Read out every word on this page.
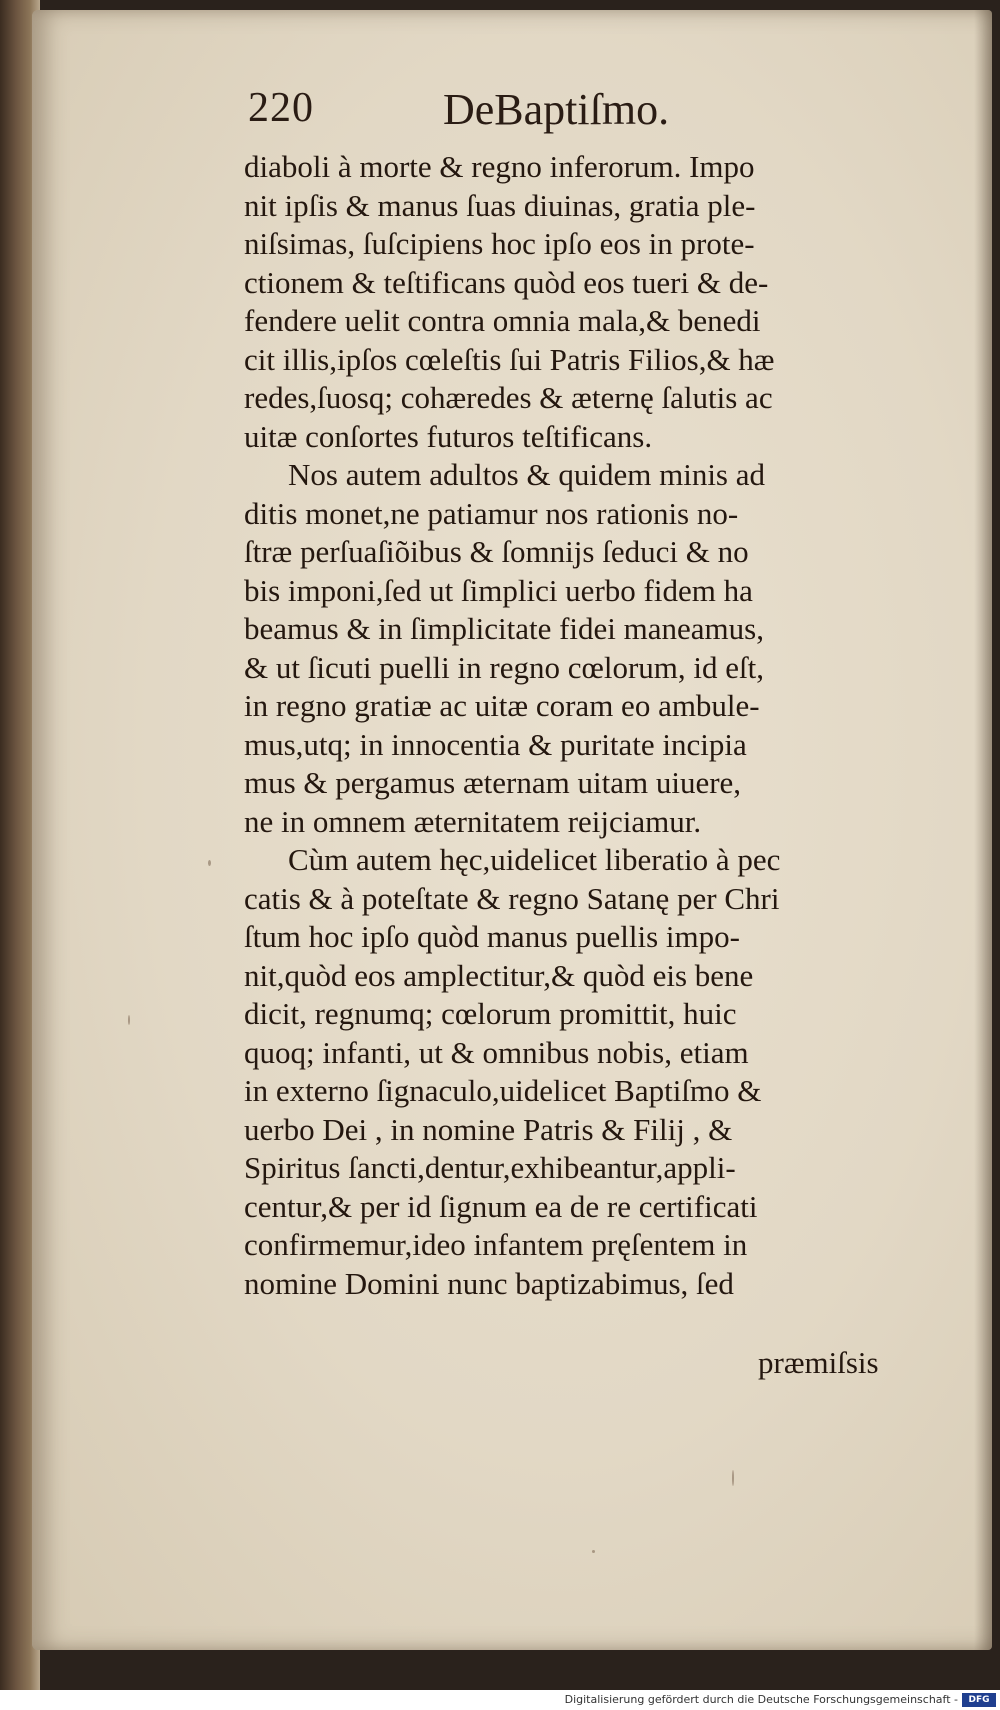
220	DeBaptiſmo.
diaboli à morte & regno inferorum. Impo
nit ipſis & manus ſuas diuinas, gratia ple-
niſsimas, ſuſcipiens hoc ipſo eos in prote-
ctionem & teſtificans quòd eos tueri & de-
fendere uelit contra omnia mala,& benedi
cit illis,ipſos cœleſtis ſui Patris Filios,& hæ
redes,ſuosq; cohæredes & æternę ſalutis ac
uitæ conſortes futuros teſtificans.
Nos autem adultos & quidem minis ad
ditis monet,ne patiamur nos rationis no-
ſtræ perſuaſiõibus & ſomnijs ſeduci & no
bis imponi,ſed ut ſimplici uerbo fidem ha
beamus & in ſimplicitate fidei maneamus,
& ut ſicuti puelli in regno cœlorum, id eſt,
in regno gratiæ ac uitæ coram eo ambule-
mus,utq; in innocentia & puritate incipia
mus & pergamus æternam uitam uiuere,
ne in omnem æternitatem reijciamur.
Cùm autem hęc,uidelicet liberatio à pec
catis & à poteſtate & regno Satanę per Chri
ſtum hoc ipſo quòd manus puellis impo-
nit,quòd eos amplectitur,& quòd eis bene
dicit, regnumq; cœlorum promittit, huic
quoq; infanti, ut & omnibus nobis, etiam
in externo ſignaculo,uidelicet Baptiſmo &
uerbo Dei , in nomine Patris & Filij , &
Spiritus ſancti,dentur,exhibeantur,appli-
centur,& per id ſignum ea de re certificati
confirmemur,ideo infantem pręſentem in
nomine Domini nunc baptizabimus, ſed
præmiſsis
Digitalisierung gefördert durch die Deutsche Forschungsgemeinschaft -	DFG
